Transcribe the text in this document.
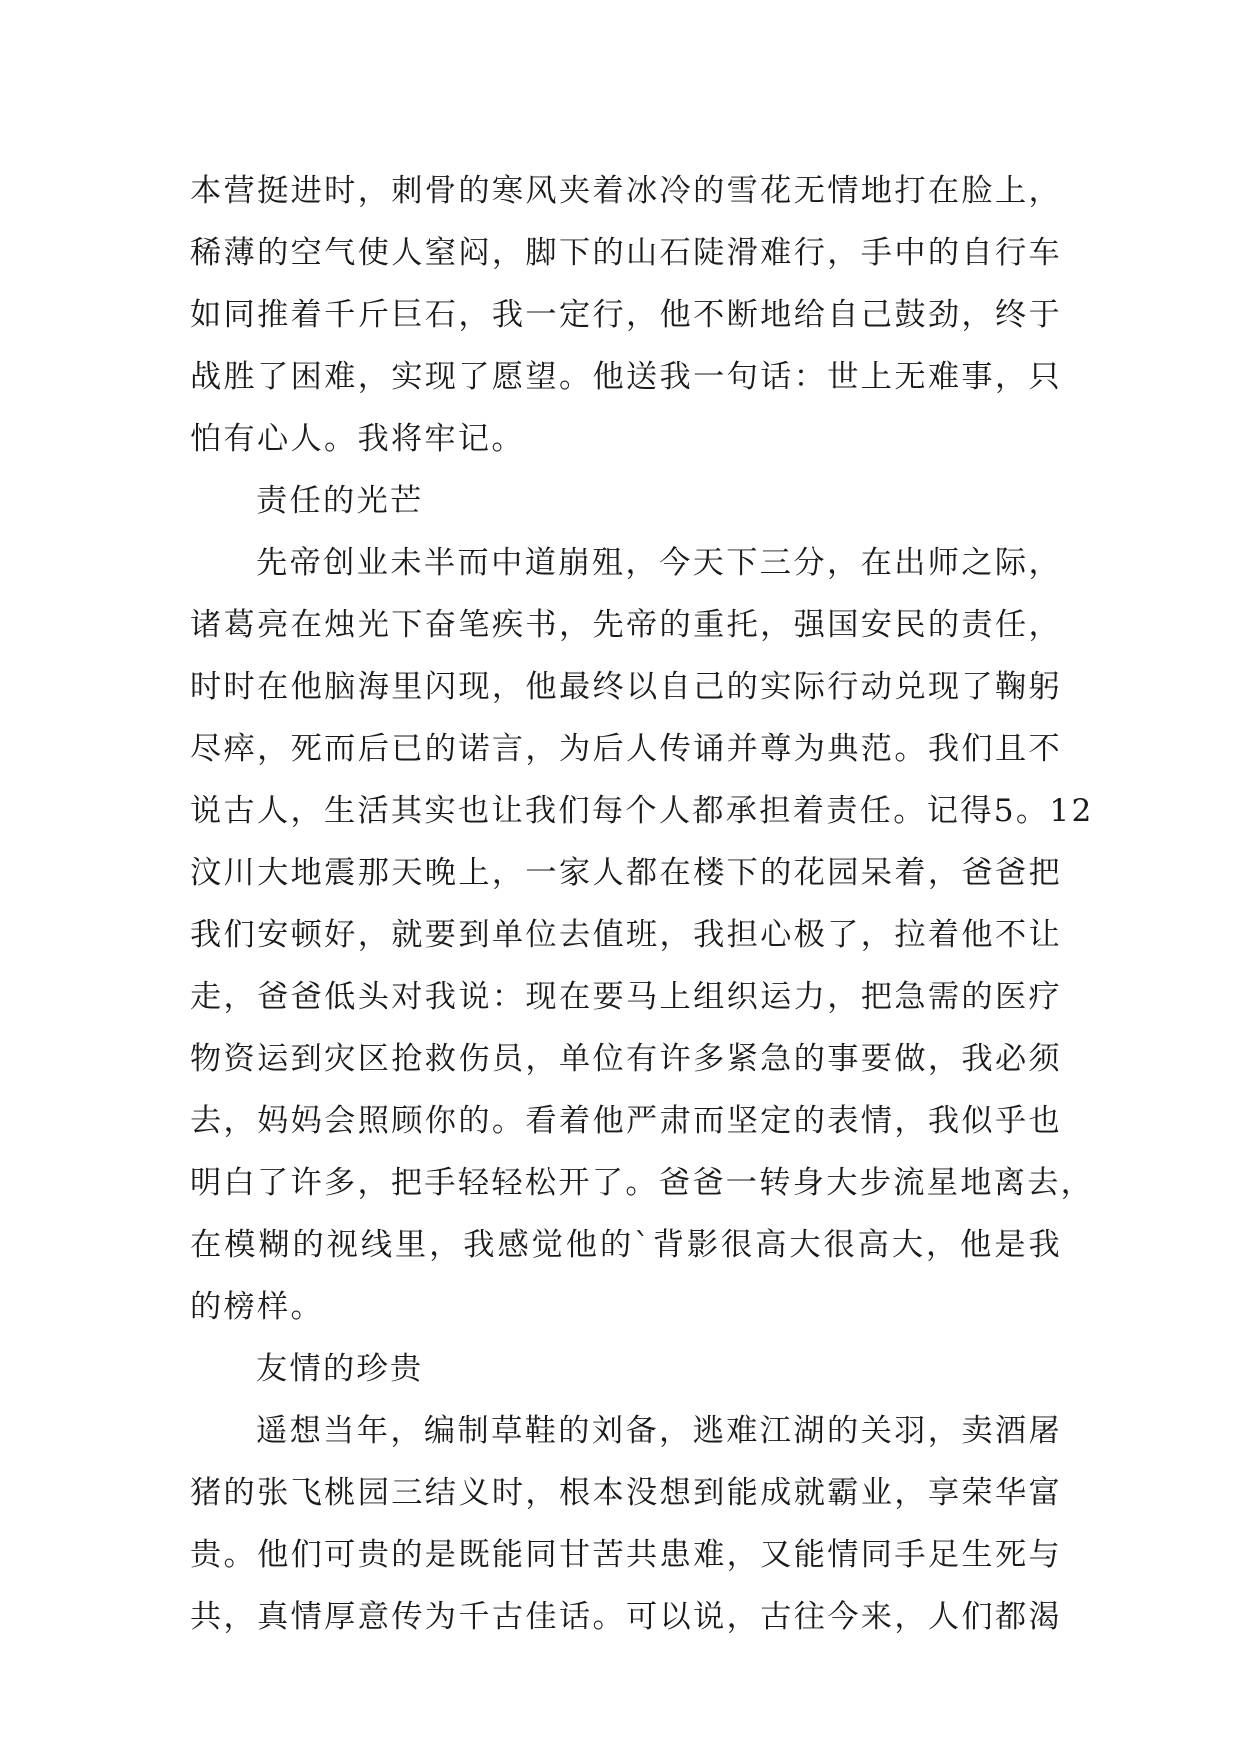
本营挺进时，刺骨的寒风夹着冰冷的雪花无情地打在脸上，
稀薄的空气使人窒闷，脚下的山石陡滑难行，手中的自行车
如同推着千斤巨石，我一定行，他不断地给自己鼓劲，终于
战胜了困难，实现了愿望。他送我一句话：世上无难事，只
怕有心人。我将牢记。
责任的光芒
先帝创业未半而中道崩殂，今天下三分，在出师之际，
诸葛亮在烛光下奋笔疾书，先帝的重托，强国安民的责任，
时时在他脑海里闪现，他最终以自己的实际行动兑现了鞠躬
尽瘁，死而后已的诺言，为后人传诵并尊为典范。我们且不
说古人，生活其实也让我们每个人都承担着责任。记得5。12
汶川大地震那天晚上，一家人都在楼下的花园呆着，爸爸把
我们安顿好，就要到单位去值班，我担心极了，拉着他不让
走，爸爸低头对我说：现在要马上组织运力，把急需的医疗
物资运到灾区抢救伤员，单位有许多紧急的事要做，我必须
去，妈妈会照顾你的。看着他严肃而坚定的表情，我似乎也
明白了许多，把手轻轻松开了。爸爸一转身大步流星地离去，
在模糊的视线里，我感觉他的`背影很高大很高大，他是我
的榜样。
友情的珍贵
遥想当年，编制草鞋的刘备，逃难江湖的关羽，卖酒屠
猪的张飞桃园三结义时，根本没想到能成就霸业，享荣华富
贵。他们可贵的是既能同甘苦共患难，又能情同手足生死与
共，真情厚意传为千古佳话。可以说，古往今来，人们都渴
